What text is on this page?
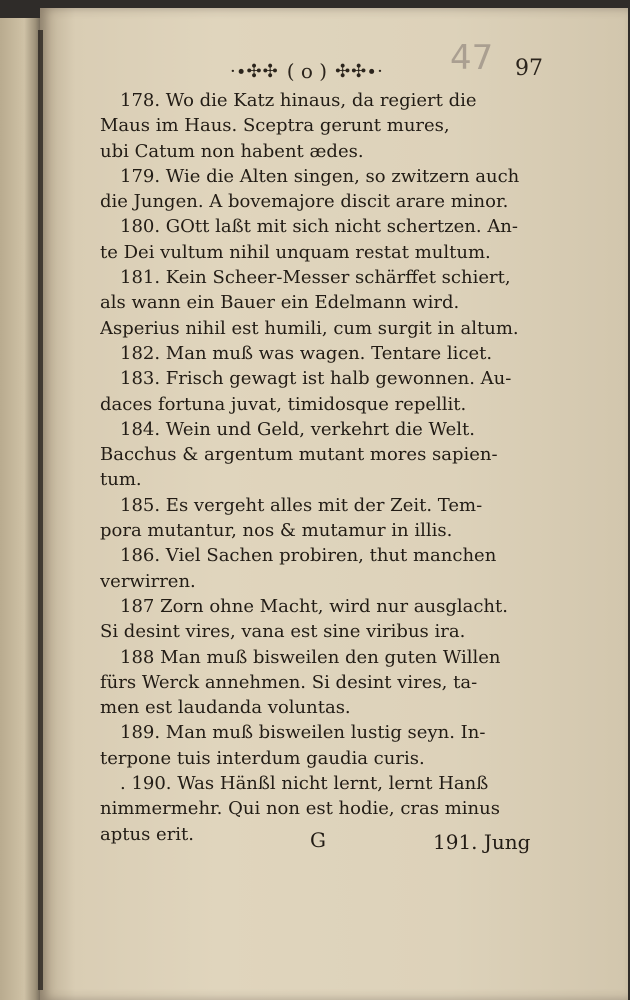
·∙✣✣ ( o ) ✣✣∙· 47 97
178. Wo die Katz hinaus, da regiert die
Maus im Haus. Sceptra gerunt mures,
ubi Catum non habent ædes.
179. Wie die Alten singen, so zwitzern auch
die Jungen. A bovemajore discit arare minor.
180. GOtt laßt mit sich nicht schertzen. An-
te Dei vultum nihil unquam restat multum.
181. Kein Scheer-Messer schärffet schiert,
als wann ein Bauer ein Edelmann wird.
Asperius nihil est humili, cum surgit in altum.
182. Man muß was wagen. Tentare licet.
183. Frisch gewagt ist halb gewonnen. Au-
daces fortuna juvat, timidosque repellit.
184. Wein und Geld, verkehrt die Welt.
Bacchus & argentum mutant mores sapien-
tum.
185. Es vergeht alles mit der Zeit. Tem-
pora mutantur, nos & mutamur in illis.
186. Viel Sachen probiren, thut manchen
verwirren.
187 Zorn ohne Macht, wird nur ausglacht.
Si desint vires, vana est sine viribus ira.
188 Man muß bisweilen den guten Willen
fürs Werck annehmen. Si desint vires, ta-
men est laudanda voluntas.
189. Man muß bisweilen lustig seyn. In-
terpone tuis interdum gaudia curis.
. 190. Was Hänßl nicht lernt, lernt Hanß
nimmermehr. Qui non est hodie, cras minus
aptus erit.	G	191. Jung
